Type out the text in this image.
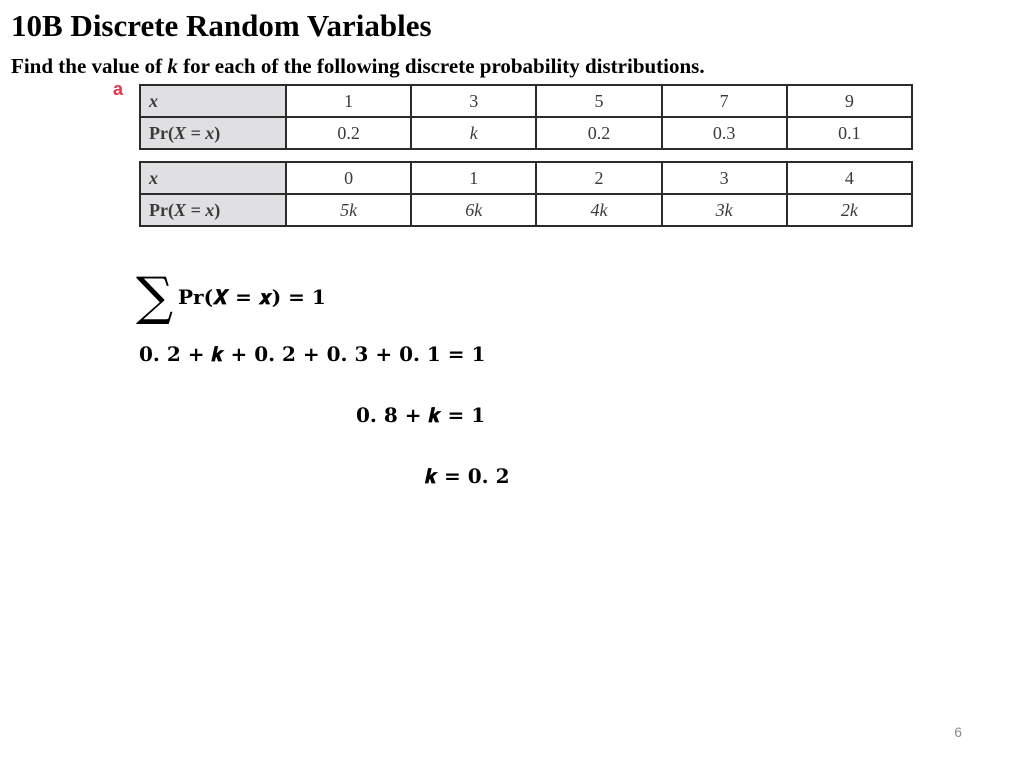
10B Discrete Random Variables
Find the value of k for each of the following discrete probability distributions.
a
x	1	3	5	7	9
Pr(X = x)	0.2	k	0.2	0.3	0.1
x	0	1	2	3	4
Pr(X = x)	5k	6k	4k	3k	2k
∑ Pr(𝑿 = 𝒙) = 𝟏
𝟎. 𝟐 + 𝒌 + 𝟎. 𝟐 + 𝟎. 𝟑 + 𝟎. 𝟏 = 𝟏
𝟎. 𝟖 + 𝒌 = 𝟏
𝒌 = 𝟎. 𝟐
6
